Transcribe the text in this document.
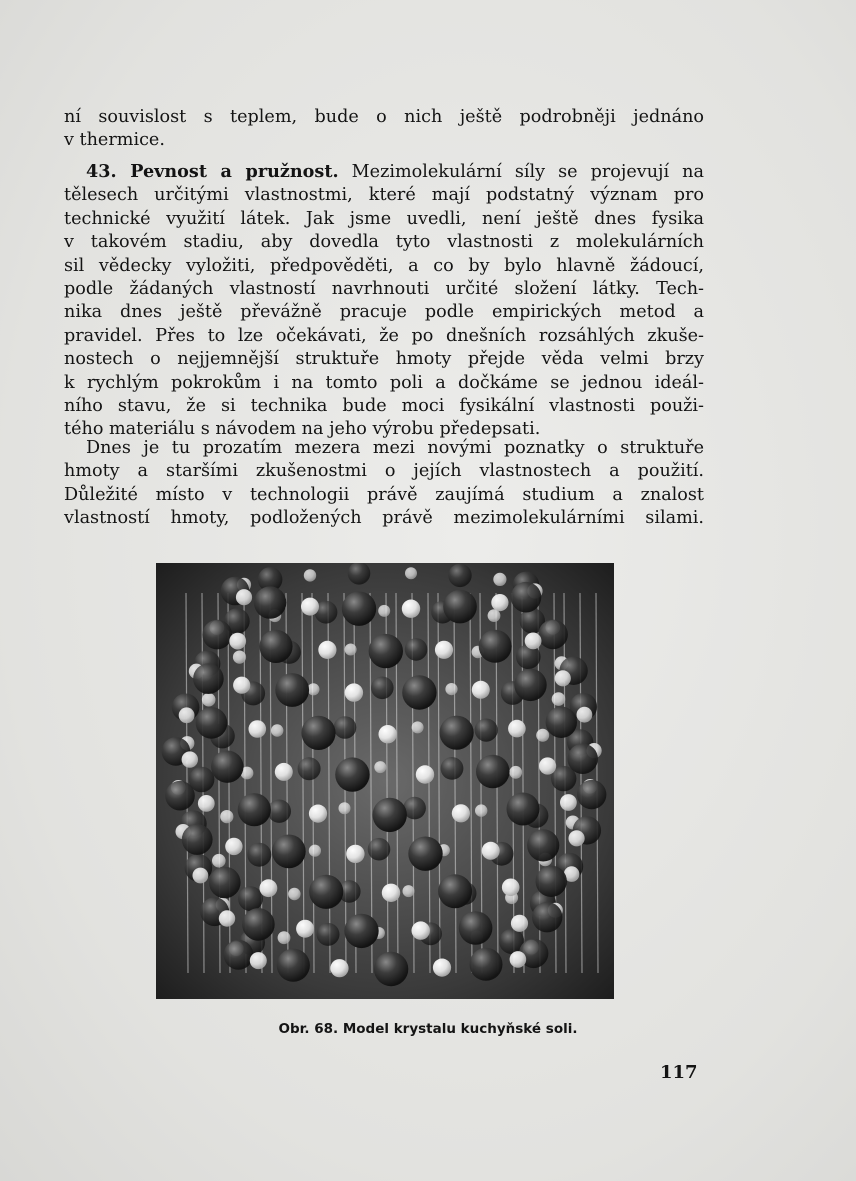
ní souvislost s teplem, bude o nich ještě podrobněji jednáno
v thermice.
43. Pevnost a pružnost. Mezimolekulární síly se projevují na
tělesech určitými vlastnostmi, které mají podstatný význam pro
technické využití látek. Jak jsme uvedli, není ještě dnes fysika
v takovém stadiu, aby dovedla tyto vlastnosti z molekulárních
sil vědecky vyložiti, předpověděti, a co by bylo hlavně žádoucí,
podle žádaných vlastností navrhnouti určité složení látky. Tech-
nika dnes ještě převážně pracuje podle empirických metod a
pravidel. Přes to lze očekávati, že po dnešních rozsáhlých zkuše-
nostech o nejjemnější struktuře hmoty přejde věda velmi brzy
k rychlým pokrokům i na tomto poli a dočkáme se jednou ideál-
ního stavu, že si technika bude moci fysikální vlastnosti použi-
tého materiálu s návodem na jeho výrobu předepsati.
Dnes je tu prozatím mezera mezi novými poznatky o struktuře
hmoty a staršími zkušenostmi o jejích vlastnostech a použití.
Důležité místo v technologii právě zaujímá studium a znalost
vlastností hmoty, podložených právě mezimolekulárními silami.
Obr. 68. Model krystalu kuchyňské soli.
117
